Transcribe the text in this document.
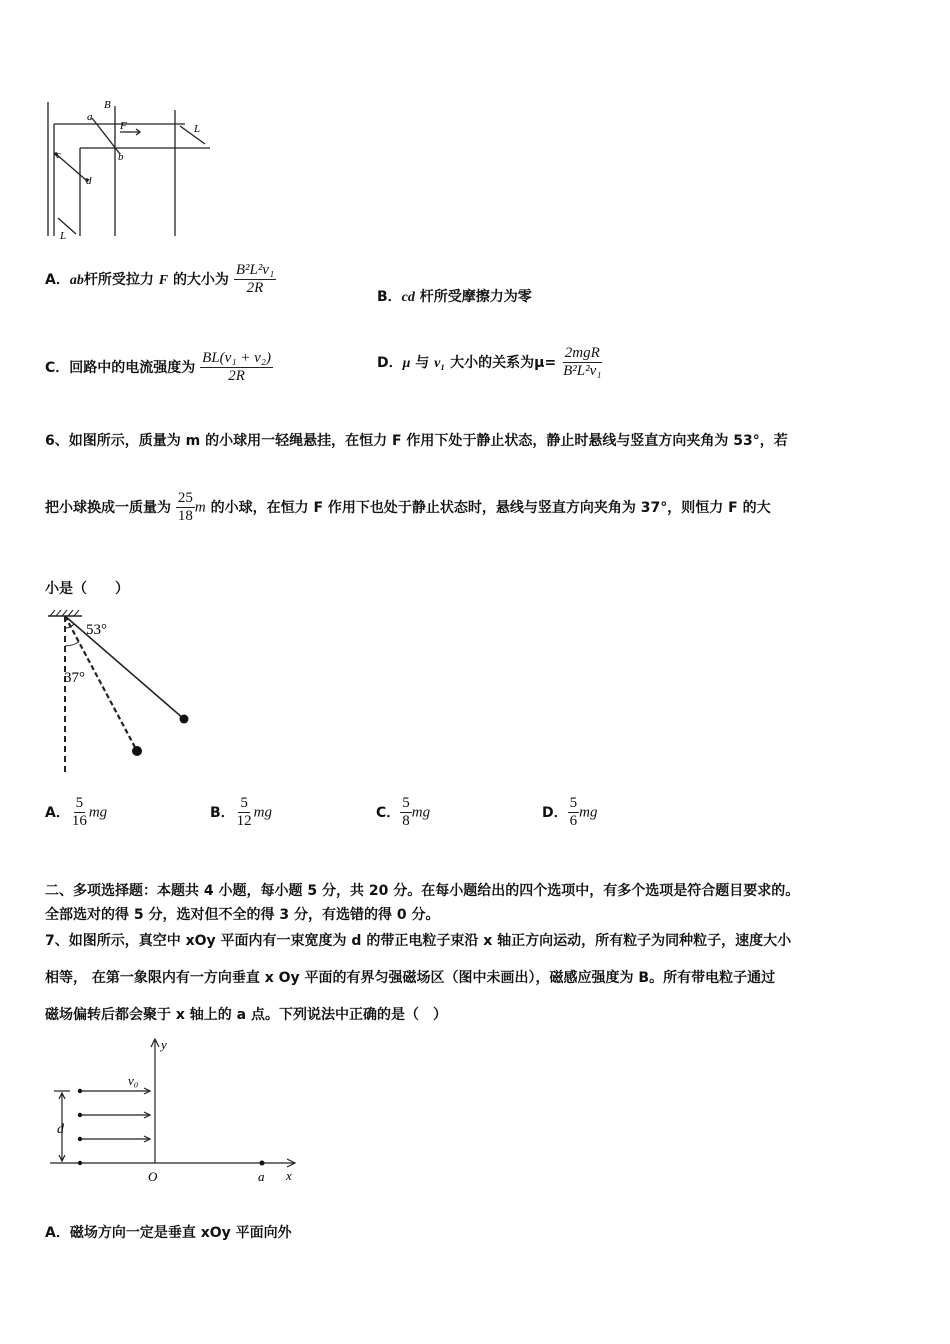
B
a
F
b
c
d
L
L
A．ab杆所受拉力 F 的大小为 $\frac{\text{B²L²v₁}}{2R}$	B．cd 杆所受摩擦力为零
C．回路中的电流强度为 $\frac{\text{BL(v₁ + v₂)}}{2R}$	D．μ 与 v₁ 大小的关系为$\mu= \frac{\text{2mgR}}{\text{B²L²v₁}}$
6、如图所示，质量为 m 的小球用一轻绳悬挂，在恒力 F 作用下处于静止状态，静止时悬线与竖直方向夹角为 53°，若
把小球换成一质量为 $\frac{25}{18}$ m 的小球，在恒力 F 作用下也处于静止状态时，悬线与竖直方向夹角为 37°，则恒力 F 的大
小是（　　）
53°
37°
A． $\frac{5}{16}$ mg	B． $\frac{5}{12}$ mg	C． $\frac{5}{8}$ mg	D． $\frac{5}{6}$ mg
二、多项选择题：本题共 4 小题，每小题 5 分，共 20 分。在每小题给出的四个选项中，有多个选项是符合题目要求的。
全部选对的得 5 分，选对但不全的得 3 分，有选错的得 0 分。
7、如图所示，真空中 xOy 平面内有一束宽度为 d 的带正电粒子束沿 x 轴正方向运动，所有粒子为同种粒子，速度大小
相等， 在第一象限内有一方向垂直 x Oy 平面的有界匀强磁场区（图中未画出），磁感应强度为 B。所有带电粒子通过
磁场偏转后都会聚于 x 轴上的 a 点。下列说法中正确的是（　）
y
x
O	a
v₀
d
A．磁场方向一定是垂直 xOy 平面向外
